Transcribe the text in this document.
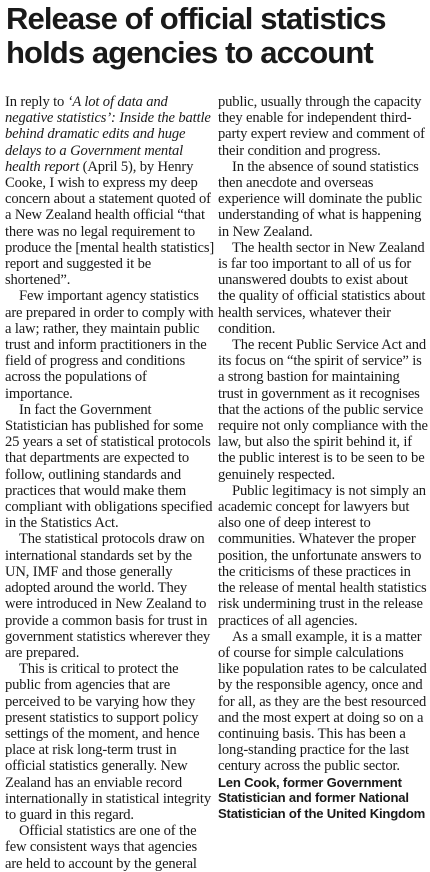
Release of official statistics holds agencies to account

In reply to ‘A lot of data and negative statistics’: Inside the battle behind dramatic edits and huge delays to a Government mental health report (April 5), by Henry Cooke, I wish to express my deep concern about a statement quoted of a New Zealand health official “that there was no legal requirement to produce the [mental health statistics] report and suggested it be shortened”.

Few important agency statistics are prepared in order to comply with a law; rather, they maintain public trust and inform practitioners in the field of progress and conditions across the populations of importance.

In fact the Government Statistician has published for some 25 years a set of statistical protocols that departments are expected to follow, outlining standards and practices that would make them compliant with obligations specified in the Statistics Act.

The statistical protocols draw on international standards set by the UN, IMF and those generally adopted around the world. They were introduced in New Zealand to provide a common basis for trust in government statistics wherever they are prepared.

This is critical to protect the public from agencies that are perceived to be varying how they present statistics to support policy settings of the moment, and hence place at risk long-term trust in official statistics generally. New Zealand has an enviable record internationally in statistical integrity to guard in this regard.

Official statistics are one of the few consistent ways that agencies are held to account by the general

public, usually through the capacity they enable for independent third-party expert review and comment of their condition and progress.

In the absence of sound statistics then anecdote and overseas experience will dominate the public understanding of what is happening in New Zealand.

The health sector in New Zealand is far too important to all of us for unanswered doubts to exist about the quality of official statistics about health services, whatever their condition.

The recent Public Service Act and its focus on “the spirit of service” is a strong bastion for maintaining trust in government as it recognises that the actions of the public service require not only compliance with the law, but also the spirit behind it, if the public interest is to be seen to be genuinely respected.

Public legitimacy is not simply an academic concept for lawyers but also one of deep interest to communities. Whatever the proper position, the unfortunate answers to the criticisms of these practices in the release of mental health statistics risk undermining trust in the release practices of all agencies.

As a small example, it is a matter of course for simple calculations like population rates to be calculated by the responsible agency, once and for all, as they are the best resourced and the most expert at doing so on a continuing basis. This has been a long-standing practice for the last century across the public sector.

Len Cook, former Government Statistician and former National Statistician of the United Kingdom
